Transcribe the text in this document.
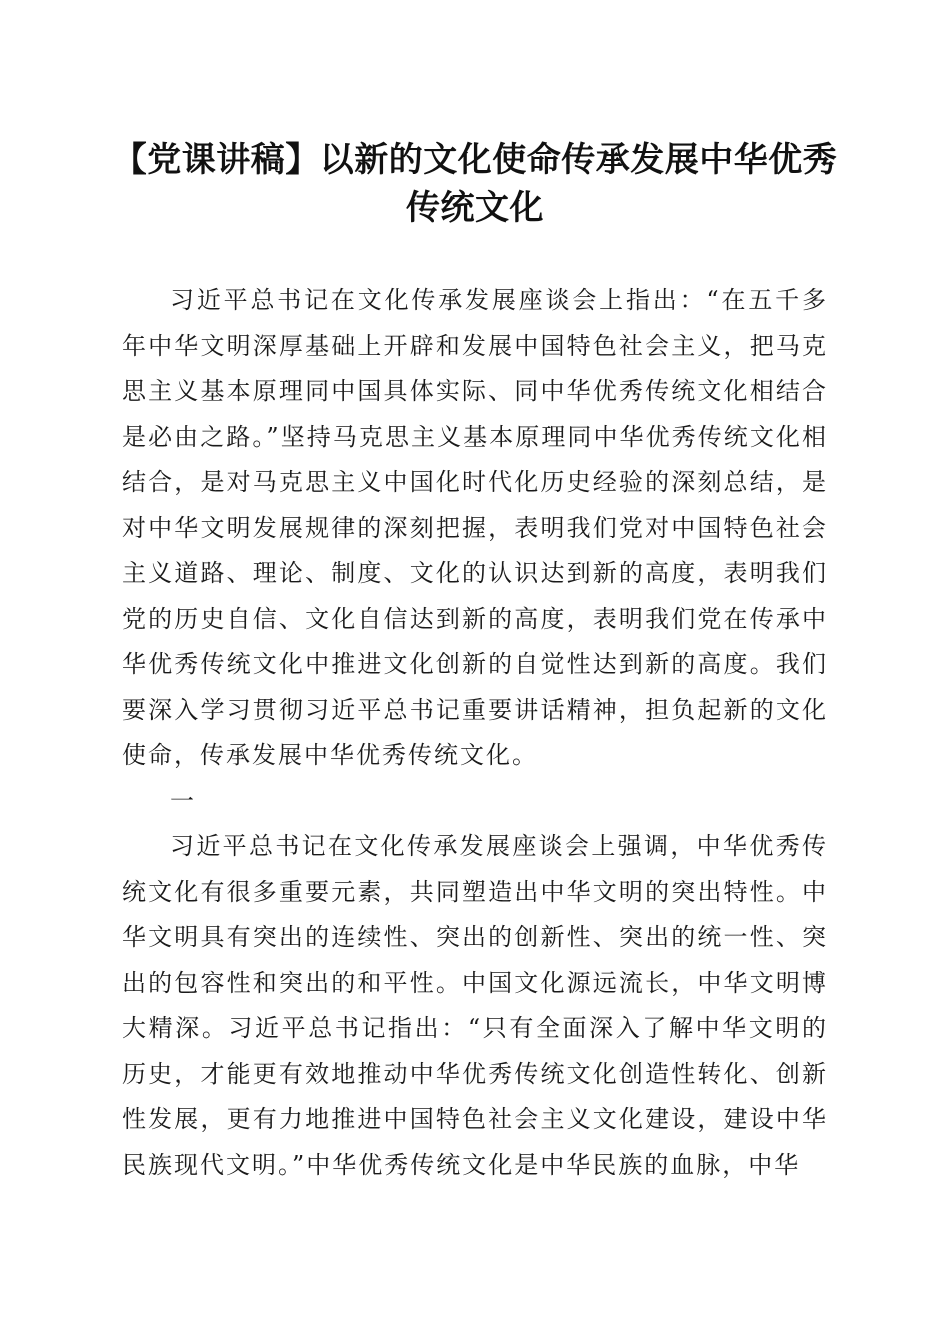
【党课讲稿】以新的文化使命传承发展中华优秀传统文化

习近平总书记在文化传承发展座谈会上指出：“在五千多年中华文明深厚基础上开辟和发展中国特色社会主义，把马克思主义基本原理同中国具体实际、同中华优秀传统文化相结合是必由之路。”坚持马克思主义基本原理同中华优秀传统文化相结合，是对马克思主义中国化时代化历史经验的深刻总结，是对中华文明发展规律的深刻把握，表明我们党对中国特色社会主义道路、理论、制度、文化的认识达到新的高度，表明我们党的历史自信、文化自信达到新的高度，表明我们党在传承中华优秀传统文化中推进文化创新的自觉性达到新的高度。我们要深入学习贯彻习近平总书记重要讲话精神，担负起新的文化使命，传承发展中华优秀传统文化。

一

习近平总书记在文化传承发展座谈会上强调，中华优秀传统文化有很多重要元素，共同塑造出中华文明的突出特性。中华文明具有突出的连续性、突出的创新性、突出的统一性、突出的包容性和突出的和平性。中国文化源远流长，中华文明博大精深。习近平总书记指出：“只有全面深入了解中华文明的历史，才能更有效地推动中华优秀传统文化创造性转化、创新性发展，更有力地推进中国特色社会主义文化建设，建设中华民族现代文明。”中华优秀传统文化是中华民族的血脉，中华
